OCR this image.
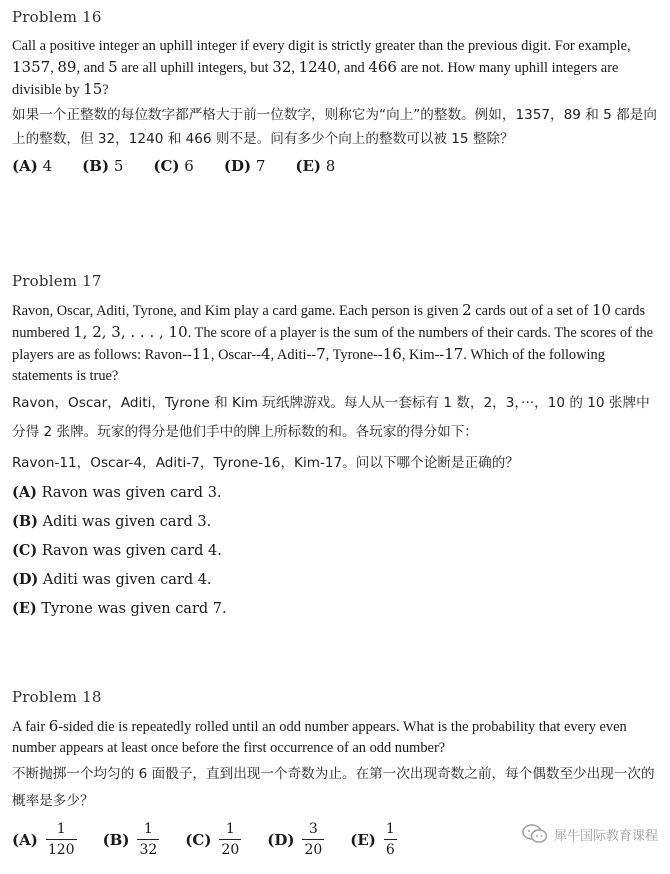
Problem 16
Call a positive integer an uphill integer if every digit is strictly greater than the previous digit. For example, 1357, 89, and 5 are all uphill integers, but 32, 1240, and 466 are not. How many uphill integers are divisible by 15?
如果一个正整数的每位数字都严格大于前一位数字，则称它为“向上”的整数。例如，1357，89 和 5 都是向上的整数，但 32，1240 和 466 则不是。问有多少个向上的整数可以被 15 整除？
(A) 4 (B) 5 (C) 6 (D) 7 (E) 8
Problem 17
Ravon, Oscar, Aditi, Tyrone, and Kim play a card game. Each person is given 2 cards out of a set of 10 cards numbered 1, 2, 3, . . . , 10. The score of a player is the sum of the numbers of their cards. The scores of the players are as follows: Ravon--11, Oscar--4, Aditi--7, Tyrone--16, Kim--17. Which of the following statements is true?
Ravon，Oscar，Aditi，Tyrone 和 Kim 玩纸牌游戏。每人从一套标有 1 数，2，3，···，10 的 10 张牌中分得 2 张牌。玩家的得分是他们手中的牌上所标数的和。各玩家的得分如下：
Ravon-11，Oscar-4，Aditi-7，Tyrone-16，Kim-17。问以下哪个论断是正确的？
(A) Ravon was given card 3.
(B) Aditi was given card 3.
(C) Ravon was given card 4.
(D) Aditi was given card 4.
(E) Tyrone was given card 7.
Problem 18
A fair 6-sided die is repeatedly rolled until an odd number appears. What is the probability that every even number appears at least once before the first occurrence of an odd number?
不断抛掷一个均匀的 6 面骰子，直到出现一个奇数为止。在第一次出现奇数之前，每个偶数至少出现一次的概率是多少？
$(A) \frac{1}{120} (B) \frac{1}{32} (C) \frac{1}{20} (D) \frac{3}{20} (E) \frac{1}{6}$	犀牛国际教育课程
